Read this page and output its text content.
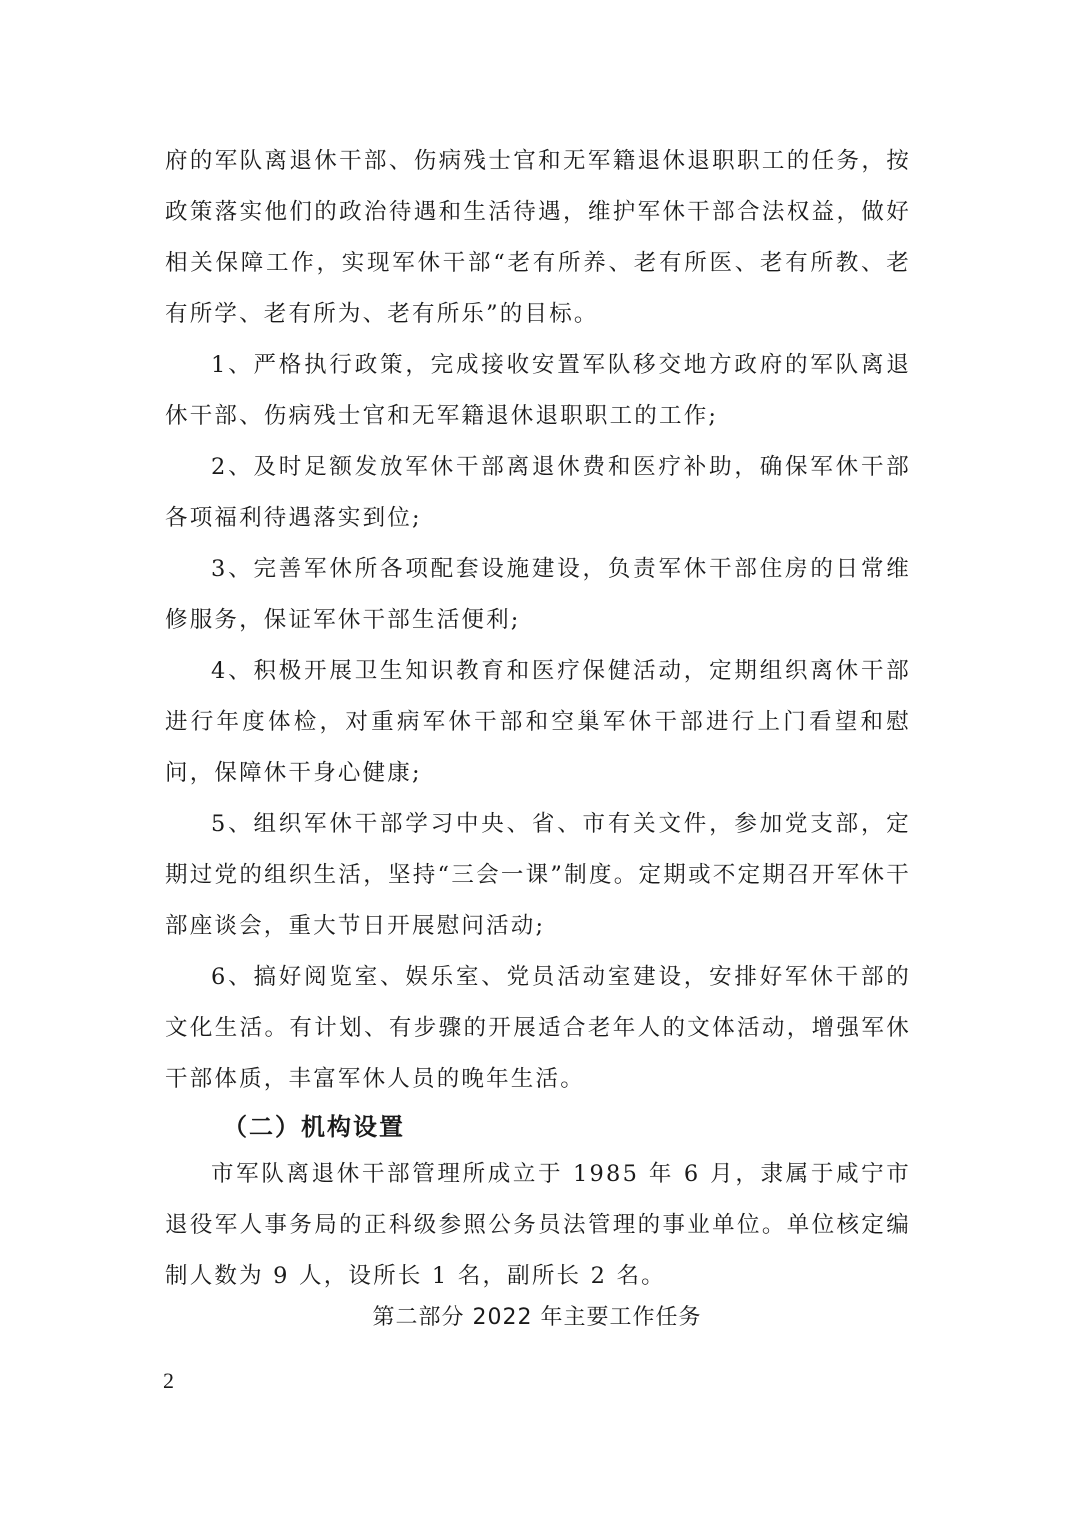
府的军队离退休干部、伤病残士官和无军籍退休退职职工的任务，按政策落实他们的政治待遇和生活待遇，维护军休干部合法权益，做好相关保障工作，实现军休干部“老有所养、老有所医、老有所教、老有所学、老有所为、老有所乐”的目标。

1、严格执行政策，完成接收安置军队移交地方政府的军队离退休干部、伤病残士官和无军籍退休退职职工的工作;

2、及时足额发放军休干部离退休费和医疗补助，确保军休干部各项福利待遇落实到位;

3、完善军休所各项配套设施建设，负责军休干部住房的日常维修服务，保证军休干部生活便利;

4、积极开展卫生知识教育和医疗保健活动，定期组织离休干部进行年度体检，对重病军休干部和空巢军休干部进行上门看望和慰问，保障休干身心健康;

5、组织军休干部学习中央、省、市有关文件，参加党支部，定期过党的组织生活，坚持“三会一课”制度。定期或不定期召开军休干部座谈会，重大节日开展慰问活动;

6、搞好阅览室、娱乐室、党员活动室建设，安排好军休干部的文化生活。有计划、有步骤的开展适合老年人的文体活动，增强军休干部体质，丰富军休人员的晚年生活。

（二）机构设置

市军队离退休干部管理所成立于 1985 年 6 月，隶属于咸宁市退役军人事务局的正科级参照公务员法管理的事业单位。单位核定编制人数为 9 人，设所长 1 名，副所长 2 名。

第二部分 2022 年主要工作任务
2
